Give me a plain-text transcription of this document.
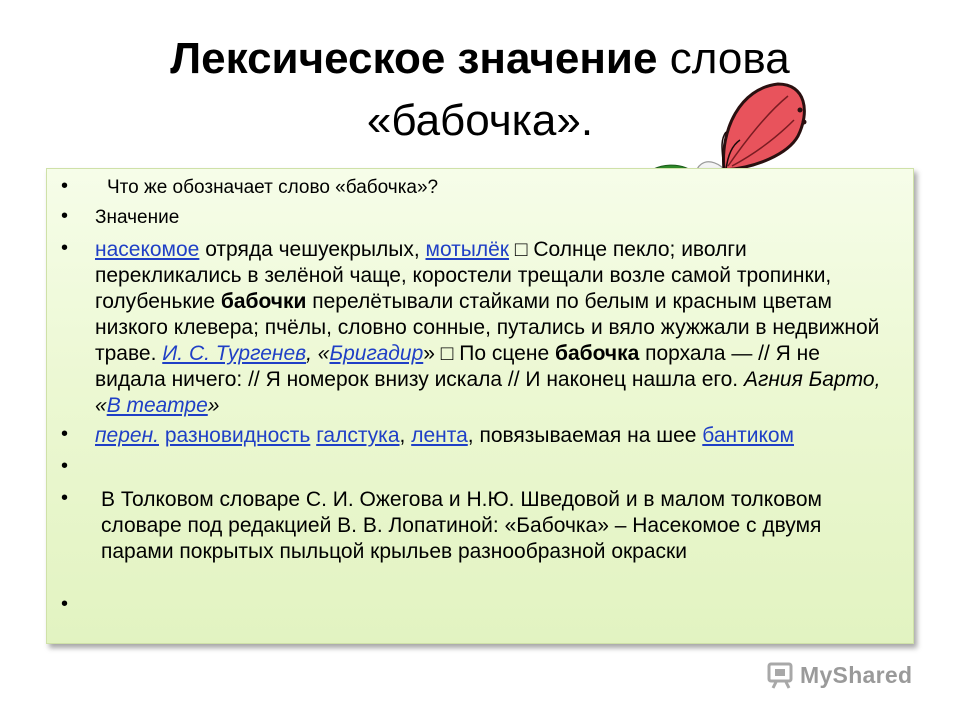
Лексическое значение слова
«бабочка».
• Что же обозначает слово «бабочка»?
• Значение
• насекомое отряда чешуекрылых, мотылёк □ Солнце пекло; иволги перекликались в зелёной чаще, коростели трещали возле самой тропинки, голубенькие бабочки перелётывали стайками по белым и красным цветам низкого клевера; пчёлы, словно сонные, путались и вяло жужжали в недвижной траве. И. С. Тургенев, «Бригадир» □ По сцене бабочка порхала — // Я не видала ничего: // Я номерок внизу искала // И наконец нашла его. Агния Барто, «В театре»
• перен. разновидность галстука, лента, повязываемая на шее бантиком
•
• В Толковом словаре С. И. Ожегова и Н.Ю. Шведовой и в малом толковом словаре под редакцией В. В. Лопатиной: «Бабочка» – Насекомое с двумя парами покрытых пыльцой крыльев разнообразной окраски
•
MyShared
